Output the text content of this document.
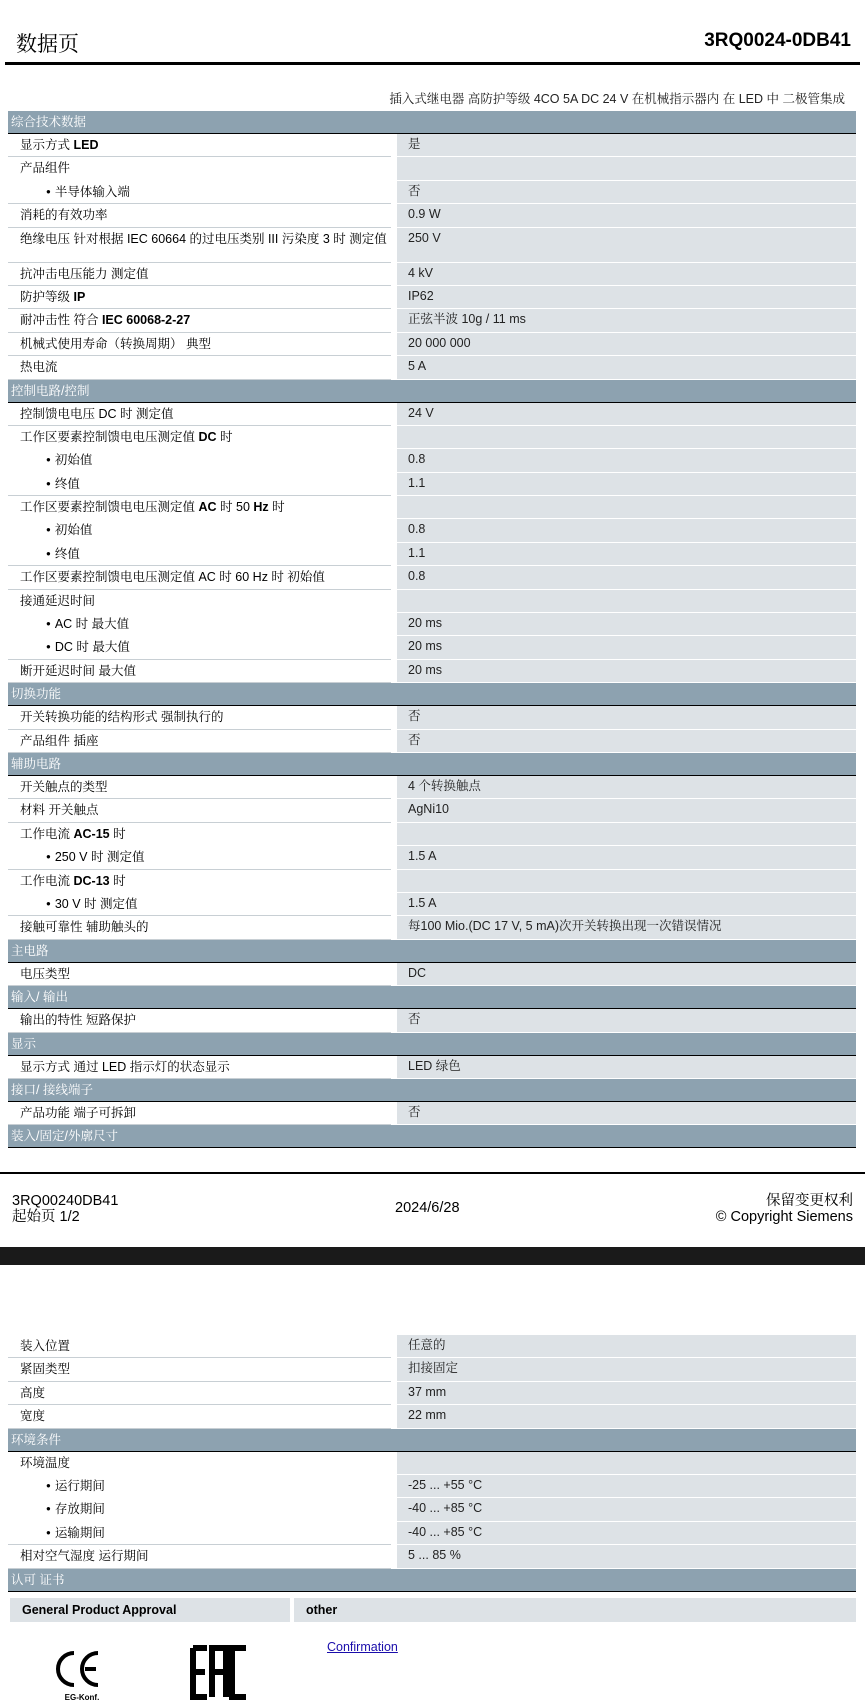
数据页	3RQ0024-0DB41
插入式继电器 高防护等级 4CO 5A DC 24 V 在机械指示器内 在 LED 中 二极管集成
综合技术数据
显示方式 LED	是
产品组件
● 半导体输入端	否
消耗的有效功率	0.9 W
绝缘电压 针对根据 IEC 60664 的过电压类别 III 污染度 3 时 测定值	250 V
抗冲击电压能力 测定值	4 kV
防护等级 IP	IP62
耐冲击性 符合 IEC 60068-2-27	正弦半波 10g / 11 ms
机械式使用寿命（转换周期） 典型	20 000 000
热电流	5 A
控制电路/控制
控制馈电电压 DC 时 测定值	24 V
工作区要素控制馈电电压测定值 DC 时
● 初始值	0.8
● 终值	1.1
工作区要素控制馈电电压测定值 AC 时 50 Hz 时
● 初始值	0.8
● 终值	1.1
工作区要素控制馈电电压测定值 AC 时 60 Hz 时 初始值	0.8
接通延迟时间
● AC 时 最大值	20 ms
● DC 时 最大值	20 ms
断开延迟时间 最大值	20 ms
切换功能
开关转换功能的结构形式 强制执行的	否
产品组件 插座	否
辅助电路
开关触点的类型	4 个转换触点
材料 开关触点	AgNi10
工作电流 AC-15 时
● 250 V 时 测定值	1.5 A
工作电流 DC-13 时
● 30 V 时 测定值	1.5 A
接触可靠性 辅助触头的	每100 Mio.(DC 17 V, 5 mA)次开关转换出现一次错误情况
主电路
电压类型	DC
输入/ 输出
输出的特性 短路保护	否
显示
显示方式 通过 LED 指示灯的状态显示	LED 绿色
接口/ 接线端子
产品功能 端子可拆卸	否
装入/固定/外廓尺寸
3RQ00240DB41
起始页 1/2
2024/6/28	保留变更权利
© Copyright Siemens
装入位置	任意的
紧固类型	扣接固定
高度	37 mm
宽度	22 mm
环境条件
环境温度
● 运行期间	-25 ... +55 °C
● 存放期间	-40 ... +85 °C
● 运输期间	-40 ... +85 °C
相对空气湿度 运行期间	5 ... 85 %
认可 证书
General Product Approval	other
EG-Konf.
Confirmation
